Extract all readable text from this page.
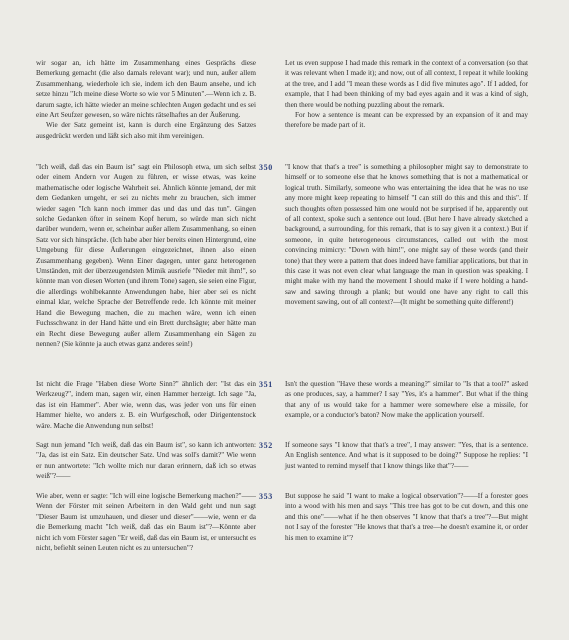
wir sogar an, ich hätte im Zusammenhang eines Gesprächs diese Bemerkung gemacht (die also damals relevant war); und nun, außer allem Zusammenhang, wiederhole ich sie, indem ich den Baum ansehe, und ich setze hinzu "Ich meine diese Worte so wie vor 5 Minuten".—Wenn ich z. B. darum sagte, ich hätte wieder an meine schlechten Augen gedacht und es sei eine Art Seufzer gewesen, so wäre nichts rätselhaftes an der Äußerung.

Wie der Satz gemeint ist, kann is durch eine Ergänzung des Satzes ausgedrückt werden und läßt sich also mit ihm vereinigen.

Let us even suppose I had made this remark in the context of a conversation (so that it was relevant when I made it); and now, out of all context, I repeat it while looking at the tree, and I add "I mean these words as I did five minutes ago". If I added, for example, that I had been thinking of my bad eyes again and it was a kind of sigh, then there would be nothing puzzling about the remark.

For how a sentence is meant can be expressed by an expansion of it and may therefore be made part of it.

"Ich weiß, daß das ein Baum ist" sagt ein Philosoph etwa, um sich selbst oder einem Andern vor Augen zu führen, er wisse etwas, was keine mathematische oder logische Wahrheit sei. Ähnlich könnte jemand, der mit dem Gedanken umgeht, er sei zu nichts mehr zu brauchen, sich immer wieder sagen "Ich kann noch immer das und das und das tun". Gingen solche Gedanken öfter in seinem Kopf herum, so würde man sich nicht darüber wundern, wenn er, scheinbar außer allem Zusammenhang, so einen Satz vor sich hinspräche. (Ich habe aber hier bereits einen Hintergrund, eine Umgebung für diese Äußerungen eingezeichnet, ihnen also einen Zusammenhang gegeben). Wenn Einer dagegen, unter ganz heterogenen Umständen, mit der überzeugendsten Mimik ausriefe "Nieder mit ihm!", so könnte man von diesen Worten (und ihrem Tone) sagen, sie seien eine Figur, die allerdings wohlbekannte Anwendungen habe, hier aber sei es nicht einmal klar, welche Sprache der Betreffende rede. Ich könnte mit meiner Hand die Bewegung machen, die zu machen wäre, wenn ich einen Fuchsschwanz in der Hand hätte und ein Brett durchsägte; aber hätte man ein Recht diese Bewegung außer allem Zusammenhang ein Sägen zu nennen? (Sie könnte ja auch etwas ganz anderes sein!)

350	"I know that that's a tree" is something a philosopher might say to demonstrate to himself or to someone else that he knows something that is not a mathematical or logical truth. Similarly, someone who was entertaining the idea that he was no use any more might keep repeating to himself "I can still do this and this and this". If such thoughts often possessed him one would not be surprised if he, apparently out of all context, spoke such a sentence out loud. (But here I have already sketched a background, a surrounding, for this remark, that is to say given it a context.) But if someone, in quite heterogeneous circumstances, called out with the most convincing mimicry: "Down with him!", one might say of these words (and their tone) that they were a pattern that does indeed have familiar applications, but that in this case it was not even clear what language the man in question was speaking. I might make with my hand the movement I should make if I were holding a hand-saw and sawing through a plank; but would one have any right to call this movement sawing, out of all context?—(It might be something quite different!)

Ist nicht die Frage "Haben diese Worte Sinn?" ähnlich der: "Ist das ein Werkzeug?", indem man, sagen wir, einen Hammer herzeigt. Ich sage "Ja, das ist ein Hammer". Aber wie, wenn das, was jeder von uns für einen Hammer hielte, wo anders z. B. ein Wurfgeschoß, oder Dirigentenstock wäre. Mache die Anwendung nun selbst!

351	Isn't the question "Have these words a meaning?" similar to "Is that a tool?" asked as one produces, say, a hammer? I say "Yes, it's a hammer". But what if the thing that any of us would take for a hammer were somewhere else a missile, for example, or a conductor's baton? Now make the application yourself.

Sagt nun jemand "Ich weiß, daß das ein Baum ist", so kann ich antworten: "Ja, das ist ein Satz. Ein deutscher Satz. Und was soll's damit?" Wie wenn er nun antwortete: "Ich wollte mich nur daran erinnern, daß ich so etwas weiß"?——

352	If someone says "I know that that's a tree", I may answer: "Yes, that is a sentence. An English sentence. And what is it supposed to be doing?" Suppose he replies: "I just wanted to remind myself that I know things like that"?——

Wie aber, wenn er sagte: "Ich will eine logische Bemerkung machen?"——Wenn der Förster mit seinen Arbeitern in den Wald geht und nun sagt "Dieser Baum ist umzuhauen, und dieser und dieser"——wie, wenn er da die Bemerkung macht "Ich weiß, daß das ein Baum ist"?—Könnte aber nicht ich vom Förster sagen "Er weiß, daß das ein Baum ist, er untersucht es nicht, befiehlt seinen Leuten nicht es zu untersuchen"?

353	But suppose he said "I want to make a logical observation"?——If a forester goes into a wood with his men and says "This tree has got to be cut down, and this one and this one"——what if he then observes "I know that that's a tree"?—But might not I say of the forester "He knows that that's a tree—he doesn't examine it, or order his men to examine it"?
